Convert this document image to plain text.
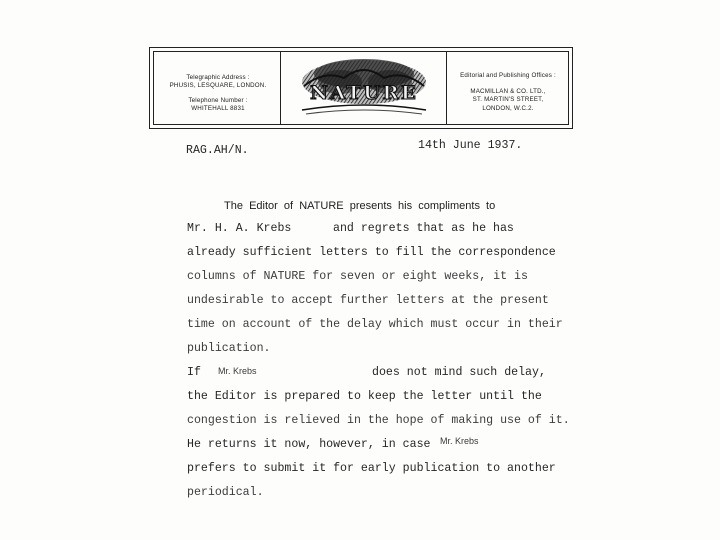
Telegraphic Address :
PHUSIS, LESQUARE, LONDON.
Telephone Number :
WHITEHALL 8831
NATURE
Editorial and Publishing Offices :
MACMILLAN & CO. LTD.,
ST. MARTIN'S STREET,
LONDON, W.C.2.
RAG.AH/N.	14th June 1937.
The  Editor  of  NATURE  presents  his  compliments  to
Mr. H. A. Krebs	and regrets that as he has
already sufficient letters to fill the correspondence
columns of NATURE for seven or eight weeks, it is
undesirable to accept further letters at the present
time on account of the delay which must occur in their
publication.
If Mr. Krebs	does not mind such delay,
the Editor is prepared to keep the letter until the
congestion is relieved in the hope of making use of it.
He returns it now, however, in case Mr. Krebs
prefers to submit it for early publication to another
periodical.
